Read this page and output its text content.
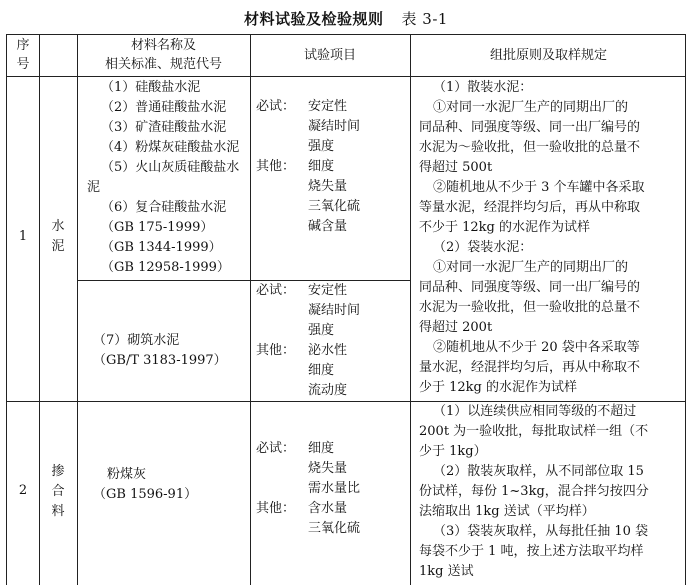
材料试验及检验规则 表 3-1
序
号
材料名称及
相关标准、规范代号
试验项目	组批原则及取样规定
1
水
泥
（1）硅酸盐水泥
（2）普通硅酸盐水泥
（3）矿渣硅酸盐水泥
（4）粉煤灰硅酸盐水泥
（5）火山灰质硅酸盐水
泥
（6）复合硅酸盐水泥
（GB 175-1999）
（GB 1344-1999）
（GB 12958-1999）
必试： 安定性
凝结时间
强度
其他： 细度
烧失量
三氧化硫
碱含量
（7）砌筑水泥
（GB/T 3183-1997）
必试： 安定性
凝结时间
强度
其他： 泌水性
细度
流动度
（1）散装水泥：
①对同一水泥厂生产的同期出厂的
同品种、同强度等级、同一出厂编号的
水泥为～验收批，但一验收批的总量不
得超过 500t
②随机地从不少于 3 个车罐中各采取
等量水泥，经混拌均匀后，再从中称取
不少于 12kg 的水泥作为试样
（2）袋装水泥：
①对同一水泥厂生产的同期出厂的
同品种、同强度等级、同一出厂编号的
水泥为一验收批，但一验收批的总量不
得超过 200t
②随机地从不少于 20 袋中各采取等
量水泥，经混拌均匀后，再从中称取不
少于 12kg 的水泥作为试样
2
掺
合
料
粉煤灰
（GB 1596-91）
必试： 细度
烧失量
需水量比
其他： 含水量
三氧化硫
（1）以连续供应相同等级的不超过
200t 为一验收批，每批取试样一组（不
少于 1kg）
（2）散装灰取样，从不同部位取 15
份试样，每份 1~3kg，混合拌匀按四分
法缩取出 1kg 送试（平均样）
（3）袋装灰取样，从每批任抽 10 袋
每袋不少于 1 吨，按上述方法取平均样
1kg 送试
